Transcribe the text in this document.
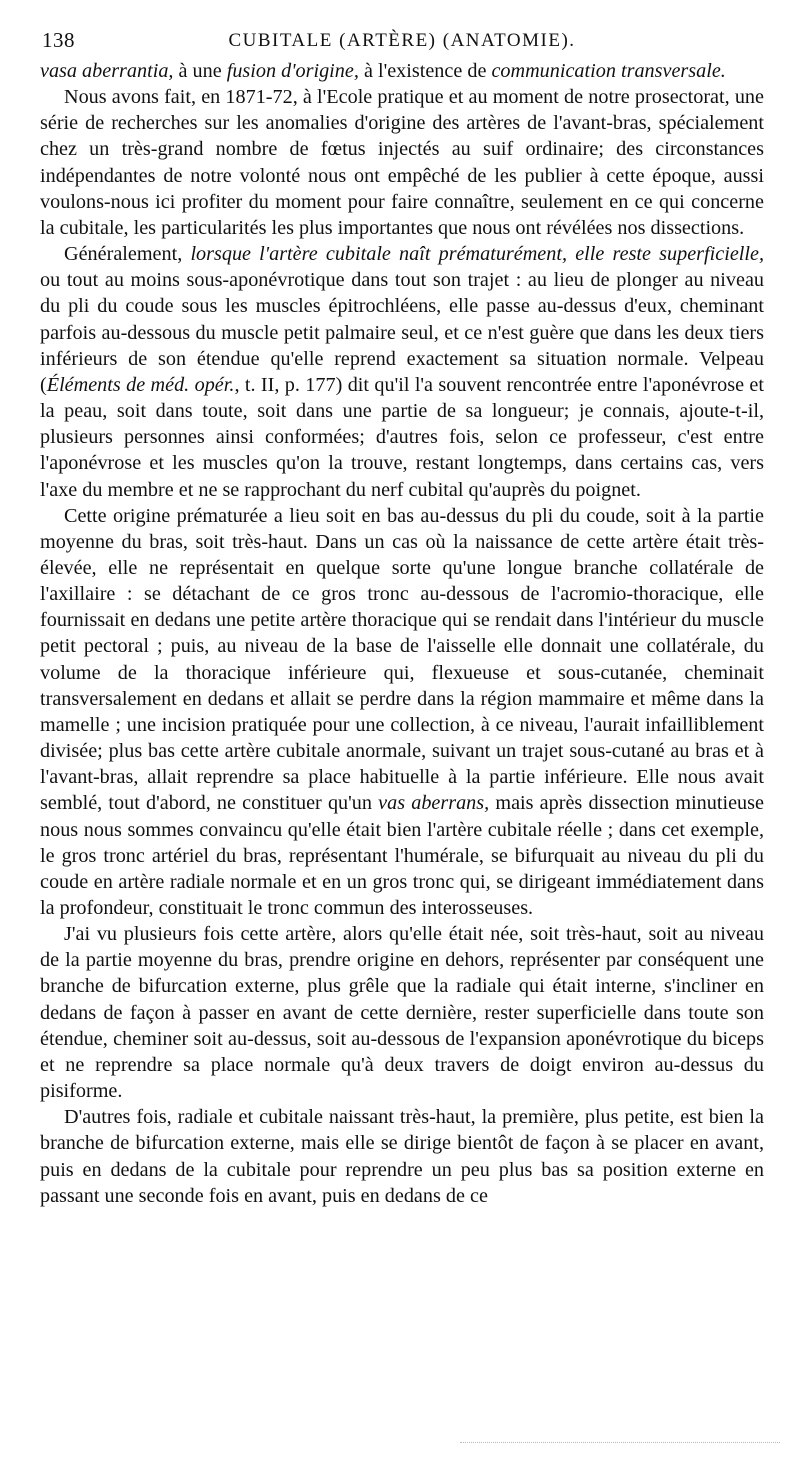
138	CUBITALE (ARTÈRE) (ANATOMIE).

vasa aberrantia, à une fusion d'origine, à l'existence de communication transversale.

Nous avons fait, en 1871-72, à l'Ecole pratique et au moment de notre prosectorat, une série de recherches sur les anomalies d'origine des artères de l'avant-bras, spécialement chez un très-grand nombre de fœtus injectés au suif ordinaire; des circonstances indépendantes de notre volonté nous ont empêché de les publier à cette époque, aussi voulons-nous ici profiter du moment pour faire connaître, seulement en ce qui concerne la cubitale, les particularités les plus importantes que nous ont révélées nos dissections.

Généralement, lorsque l'artère cubitale naît prématurément, elle reste superficielle, ou tout au moins sous-aponévrotique dans tout son trajet : au lieu de plonger au niveau du pli du coude sous les muscles épitrochléens, elle passe au-dessus d'eux, cheminant parfois au-dessous du muscle petit palmaire seul, et ce n'est guère que dans les deux tiers inférieurs de son étendue qu'elle reprend exactement sa situation normale. Velpeau (Éléments de méd. opér., t. II, p. 177) dit qu'il l'a souvent rencontrée entre l'aponévrose et la peau, soit dans toute, soit dans une partie de sa longueur; je connais, ajoute-t-il, plusieurs personnes ainsi conformées; d'autres fois, selon ce professeur, c'est entre l'aponévrose et les muscles qu'on la trouve, restant longtemps, dans certains cas, vers l'axe du membre et ne se rapprochant du nerf cubital qu'auprès du poignet.

Cette origine prématurée a lieu soit en bas au-dessus du pli du coude, soit à la partie moyenne du bras, soit très-haut. Dans un cas où la naissance de cette artère était très-élevée, elle ne représentait en quelque sorte qu'une longue branche collatérale de l'axillaire : se détachant de ce gros tronc au-dessous de l'acromio-thoracique, elle fournissait en dedans une petite artère thoracique qui se rendait dans l'intérieur du muscle petit pectoral ; puis, au niveau de la base de l'aisselle elle donnait une collatérale, du volume de la thoracique inférieure qui, flexueuse et sous-cutanée, cheminait transversalement en dedans et allait se perdre dans la région mammaire et même dans la mamelle ; une incision pratiquée pour une collection, à ce niveau, l'aurait infailliblement divisée; plus bas cette artère cubitale anormale, suivant un trajet sous-cutané au bras et à l'avant-bras, allait reprendre sa place habituelle à la partie inférieure. Elle nous avait semblé, tout d'abord, ne constituer qu'un vas aberrans, mais après dissection minutieuse nous nous sommes convaincu qu'elle était bien l'artère cubitale réelle ; dans cet exemple, le gros tronc artériel du bras, représentant l'humérale, se bifurquait au niveau du pli du coude en artère radiale normale et en un gros tronc qui, se dirigeant immédiatement dans la profondeur, constituait le tronc commun des interosseuses.

J'ai vu plusieurs fois cette artère, alors qu'elle était née, soit très-haut, soit au niveau de la partie moyenne du bras, prendre origine en dehors, représenter par conséquent une branche de bifurcation externe, plus grêle que la radiale qui était interne, s'incliner en dedans de façon à passer en avant de cette dernière, rester superficielle dans toute son étendue, cheminer soit au-dessus, soit au-dessous de l'expansion aponévrotique du biceps et ne reprendre sa place normale qu'à deux travers de doigt environ au-dessus du pisiforme.

D'autres fois, radiale et cubitale naissant très-haut, la première, plus petite, est bien la branche de bifurcation externe, mais elle se dirige bientôt de façon à se placer en avant, puis en dedans de la cubitale pour reprendre un peu plus bas sa position externe en passant une seconde fois en avant, puis en dedans de ce
